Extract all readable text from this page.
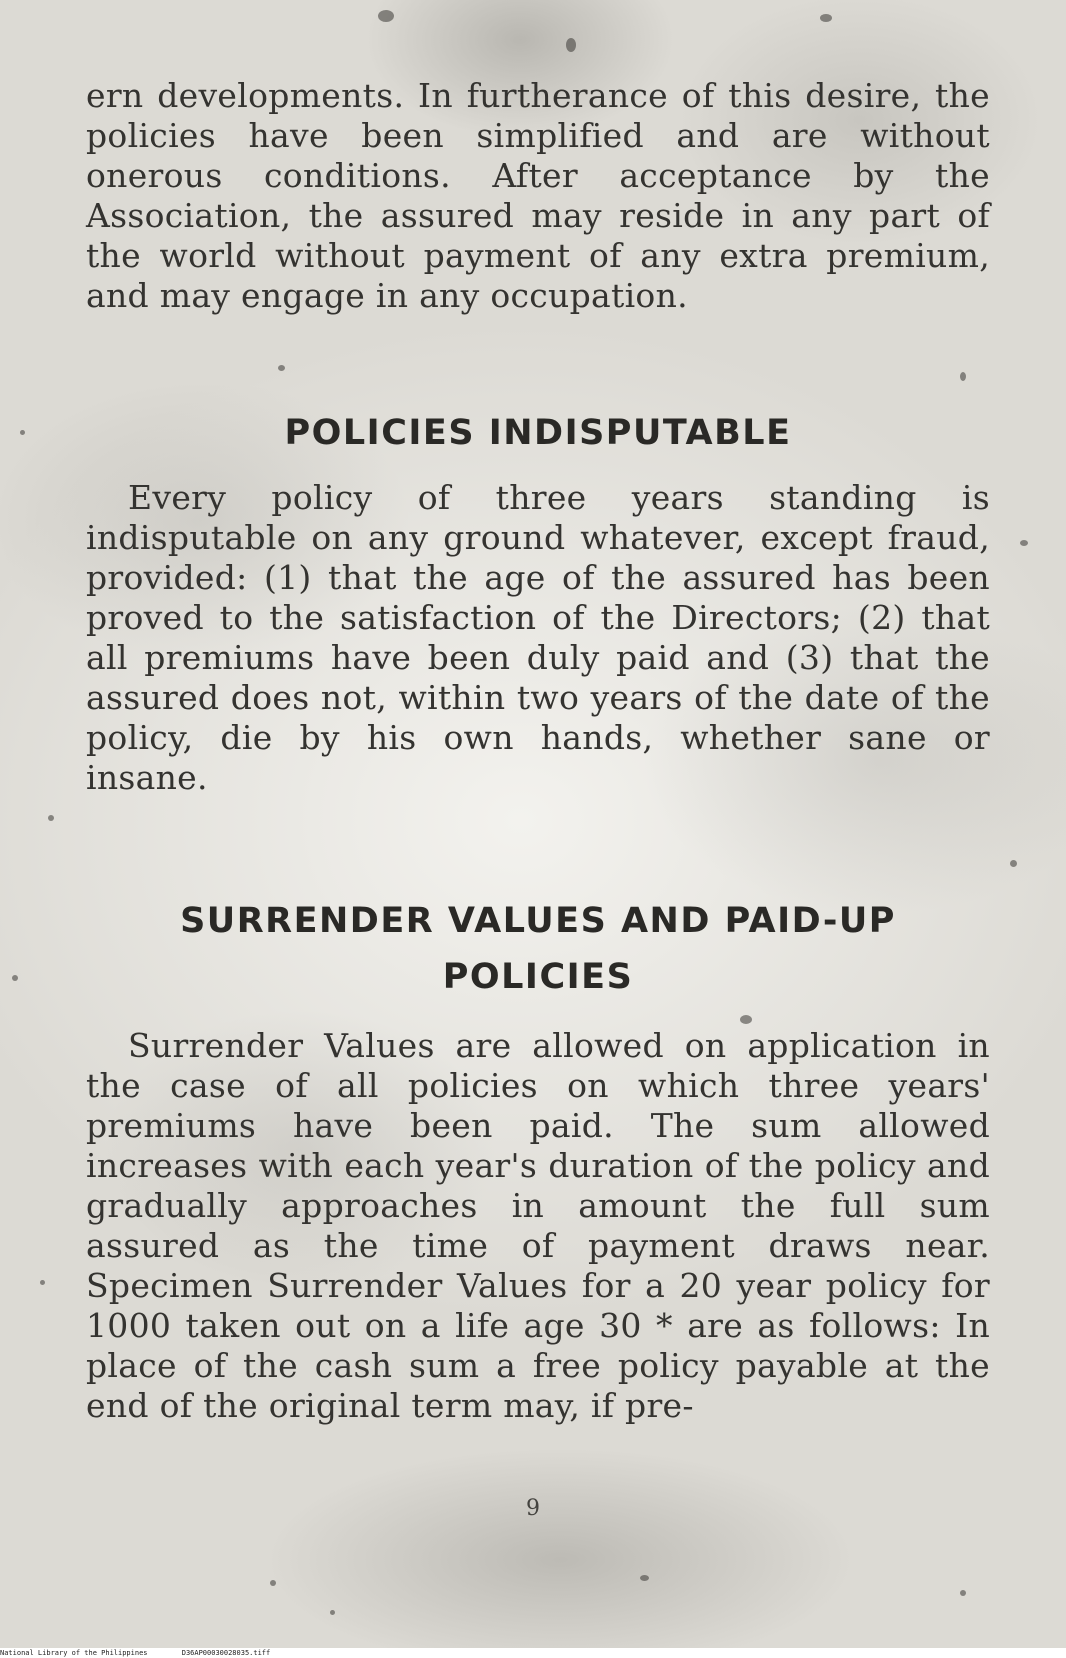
ern developments. In furtherance of this desire, the policies have been simplified and are without onerous conditions. After acceptance by the Association, the assured may reside in any part of the world without payment of any extra premium, and may engage in any occupation.
POLICIES INDISPUTABLE
Every policy of three years standing is indisputable on any ground whatever, except fraud, provided: (1) that the age of the assured has been proved to the satisfaction of the Directors; (2) that all premiums have been duly paid and (3) that the assured does not, within two years of the date of the policy, die by his own hands, whether sane or insane.
SURRENDER VALUES AND PAID-UP
POLICIES
Surrender Values are allowed on application in the case of all policies on which three years' premiums have been paid. The sum allowed increases with each year's duration of the policy and gradually approaches in amount the full sum assured as the time of payment draws near. Specimen Surrender Values for a 20 year policy for 1000 taken out on a life age 30 * are as follows: In place of the cash sum a free policy payable at the end of the original term may, if pre-
9
National Library of the Philippines	D36AP00030028035.tiff
